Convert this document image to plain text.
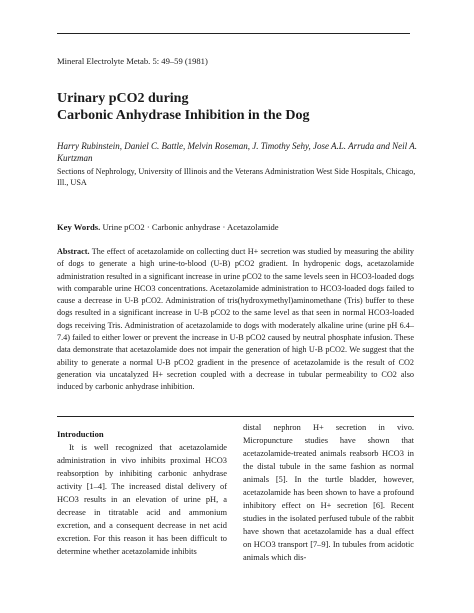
Mineral Electrolyte Metab. 5: 49–59 (1981)
Urinary pCO2 during
Carbonic Anhydrase Inhibition in the Dog
Harry Rubinstein, Daniel C. Battle, Melvin Roseman, J. Timothy Sehy, Jose A.L. Arruda and Neil A. Kurtzman
Sections of Nephrology, University of Illinois and the Veterans Administration West Side Hospitals, Chicago, Ill., USA
Key Words. Urine pCO2 · Carbonic anhydrase · Acetazolamide

Abstract. The effect of acetazolamide on collecting duct H+ secretion was studied by measuring the ability of dogs to generate a high urine-to-blood (U-B) pCO2 gradient. In hydropenic dogs, acetazolamide administration resulted in a significant increase in urine pCO2 to the same levels seen in HCO3-loaded dogs with comparable urine HCO3 concentrations. Acetazolamide administration to HCO3-loaded dogs failed to cause a decrease in U-B pCO2. Administration of tris(hydroxymethyl)aminomethane (Tris) buffer to these dogs resulted in a significant increase in U-B pCO2 to the same level as that seen in normal HCO3-loaded dogs receiving Tris. Administration of acetazolamide to dogs with moderately alkaline urine (urine pH 6.4–7.4) failed to either lower or prevent the increase in U-B pCO2 caused by neutral phosphate infusion. These data demonstrate that acetazolamide does not impair the generation of high U-B pCO2. We suggest that the ability to generate a normal U-B pCO2 gradient in the presence of acetazolamide is the result of CO2 generation via uncatalyzed H+ secretion coupled with a decrease in tubular permeability to CO2 also induced by carbonic anhydrase inhibition.

Introduction

It is well recognized that acetazolamide administration in vivo inhibits proximal HCO3 reabsorption by inhibiting carbonic anhydrase activity [1–4]. The increased distal delivery of HCO3 results in an elevation of urine pH, a decrease in titratable acid and ammonium excretion, and a consequent decrease in net acid excretion. For this reason it has been difficult to determine whether acetazolamide inhibits

distal nephron H+ secretion in vivo. Micropuncture studies have shown that acetazolamide-treated animals reabsorb HCO3 in the distal tubule in the same fashion as normal animals [5]. In the turtle bladder, however, acetazolamide has been shown to have a profound inhibitory effect on H+ secretion [6]. Recent studies in the isolated perfused tubule of the rabbit have shown that acetazolamide has a dual effect on HCO3 transport [7–9]. In tubules from acidotic animals which dis-
